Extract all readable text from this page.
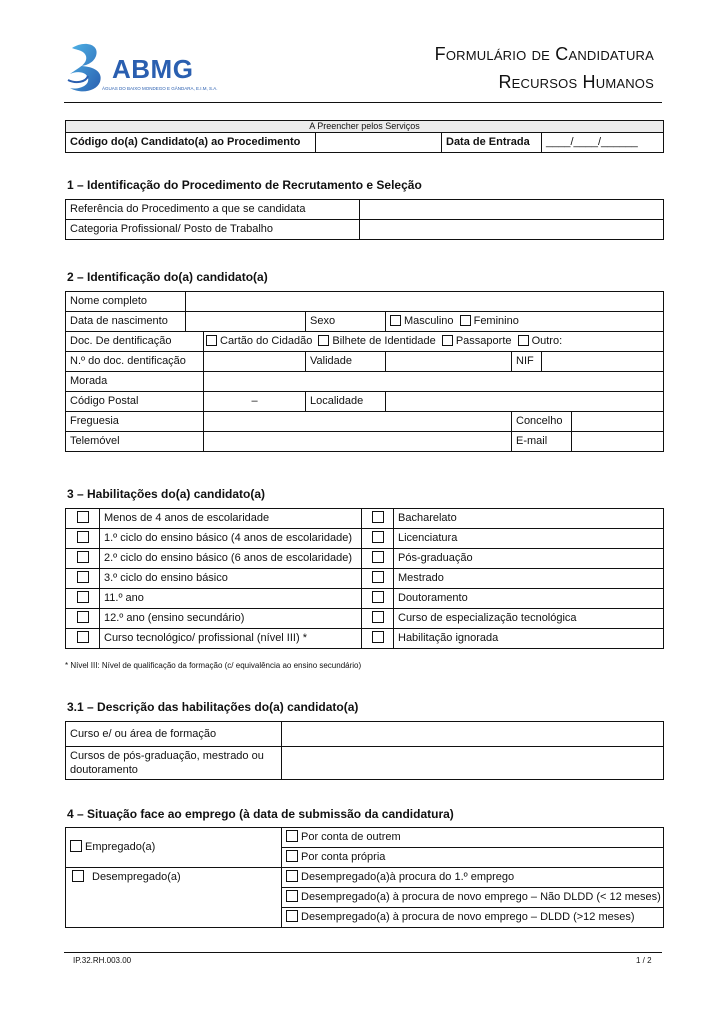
ABMG
ÁGUAS DO BAIXO MONDEGO E GÂNDARA, E.I.M, S.A.
Formulário de Candidatura
Recursos Humanos
A Preencher pelos Serviços
Código do(a) Candidato(a) ao Procedimento		Data de Entrada	____/____/______
1 – Identificação do Procedimento de Recrutamento e Seleção
Referência do Procedimento a que se candidata	
Categoria Profissional/ Posto de Trabalho	
2 – Identificação do(a) candidato(a)
Nome completo							
Data de nascimento			Sexo	Masculino Feminino			
Doc. De dentificação		Cartão do Cidadão Bilhete de Identidade Passaporte Outro:					
N.º do doc. dentificação			Validade		NIF		
Morada							
Código Postal		–	Localidade				
Freguesia					Concelho		
Telemóvel					E-mail		
3 – Habilitações do(a) candidato(a)
	Menos de 4 anos de escolaridade		Bacharelato
	1.º ciclo do ensino básico (4 anos de escolaridade)		Licenciatura
	2.º ciclo do ensino básico (6 anos de escolaridade)		Pós-graduação
	3.º ciclo do ensino básico		Mestrado
	11.º ano		Doutoramento
	12.º ano (ensino secundário)		Curso de especialização tecnológica
	Curso tecnológico/ profissional (nível III) *		Habilitação ignorada
* Nível III: Nível de qualificação da formação (c/ equivalência ao ensino secundário)
3.1 – Descrição das habilitações do(a) candidato(a)
Curso e/ ou área de formação	
Cursos de pós-graduação, mestrado ou doutoramento	
4 – Situação face ao emprego (à data de submissão da candidatura)
Empregado(a)	Por conta de outrem
	Por conta própria
Desempregado(a)	Desempregado(a)à procura do 1.º emprego
	Desempregado(a) à procura de novo emprego – Não DLDD (< 12 meses)
	Desempregado(a) à procura de novo emprego – DLDD (>12 meses)
IP.32.RH.003.00	1 / 2
